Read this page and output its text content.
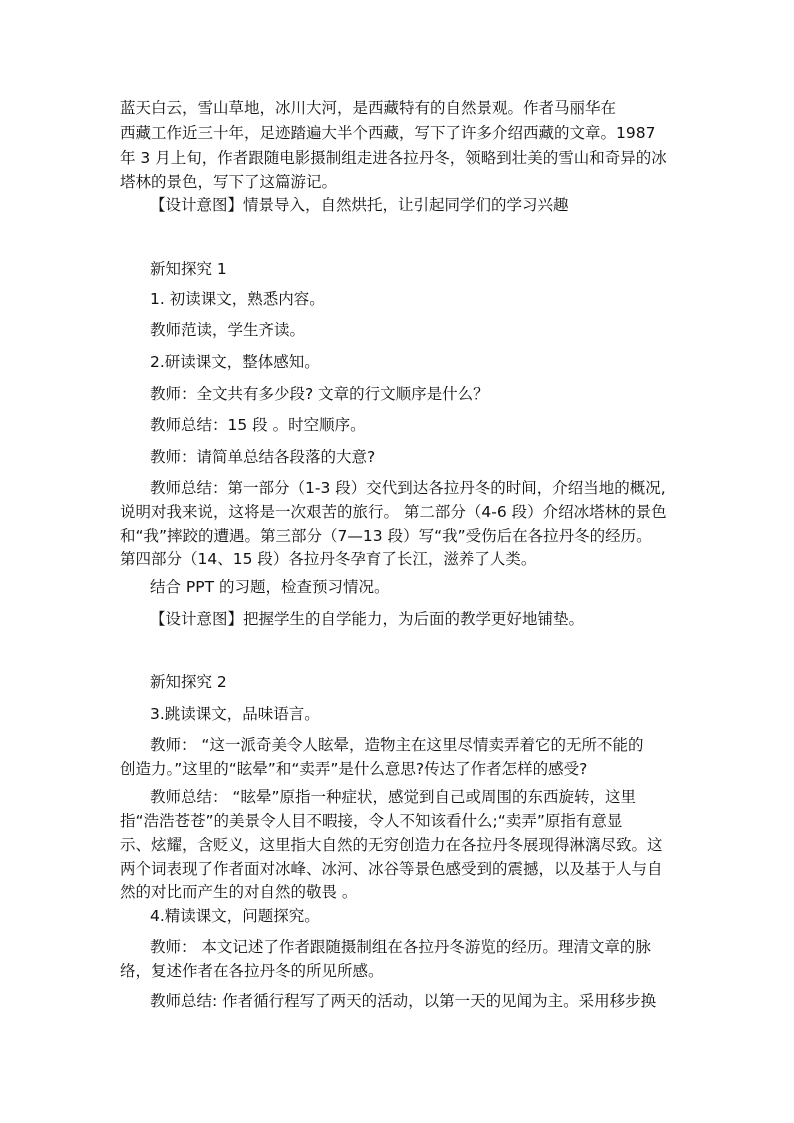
蓝天白云，雪山草地，冰川大河，是西藏特有的自然景观。作者马丽华在

西藏工作近三十年，足迹踏遍大半个西藏，写下了许多介绍西藏的文章。1987

年 3 月上旬，作者跟随电影摄制组走进各拉丹冬，领略到壮美的雪山和奇异的冰

塔林的景色，写下了这篇游记。

【设计意图】情景导入，自然烘托，让引起同学们的学习兴趣

新知探究 1

1. 初读课文，熟悉内容。

教师范读，学生齐读。

2.研读课文，整体感知。

教师：全文共有多少段? 文章的行文顺序是什么？

教师总结：15 段 。时空顺序。

教师：请简单总结各段落的大意?

教师总结：第一部分（1-3 段）交代到达各拉丹冬的时间，介绍当地的概况,

说明对我来说，这将是一次艰苦的旅行。 第二部分（4-6 段）介绍冰塔林的景色

和“我”摔跤的遭遇。第三部分（7—13 段）写“我”受伤后在各拉丹冬的经历。

第四部分（14、15 段）各拉丹冬孕育了长江，滋养了人类。

结合 PPT 的习题，检查预习情况。

【设计意图】把握学生的自学能力，为后面的教学更好地铺垫。

新知探究 2

3.跳读课文，品味语言。

教师： “这一派奇美令人眩晕，造物主在这里尽情卖弄着它的无所不能的

创造力。”这里的“眩晕”和“卖弄”是什么意思?传达了作者怎样的感受?

教师总结： “眩晕”原指一种症状，感觉到自己或周围的东西旋转，这里

指“浩浩苍苍”的美景令人目不暇接，令人不知该看什么;“卖弄”原指有意显

示、炫耀，含贬义，这里指大自然的无穷创造力在各拉丹冬展现得淋漓尽致。这

两个词表现了作者面对冰峰、冰河、冰谷等景色感受到的震撼，以及基于人与自

然的对比而产生的对自然的敬畏 。

4.精读课文，问题探究。

教师： 本文记述了作者跟随摄制组在各拉丹冬游览的经历。理清文章的脉

络，复述作者在各拉丹冬的所见所感。

教师总结: 作者循行程写了两天的活动，以第一天的见闻为主。采用移步换
